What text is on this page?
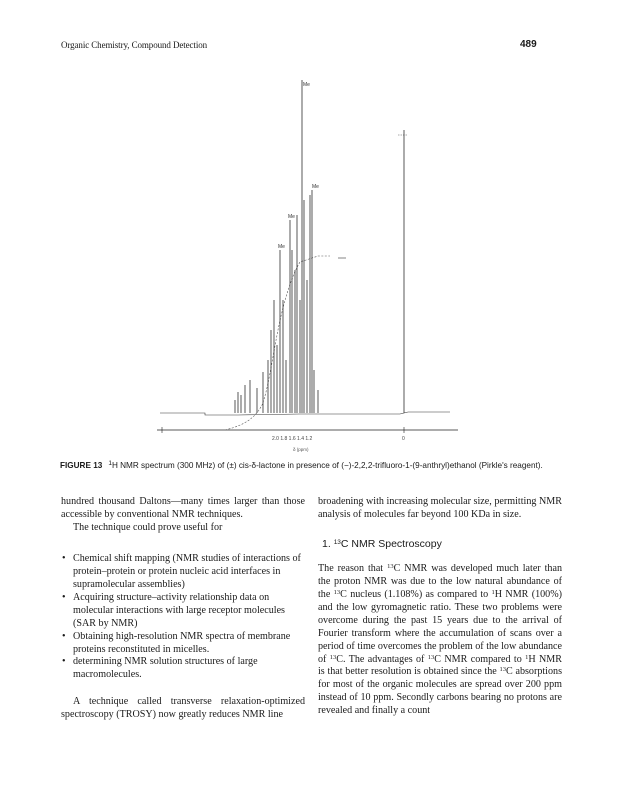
Organic Chemistry, Compound Detection	489
2.0 1.8 1.6 1.4 1.2	0
δ (ppm)
Me
Me
Me
Me
FIGURE 13 $^1$H NMR spectrum (300 MHz) of (±) cis-δ-lactone in presence of (−)-2,2,2-trifluoro-1-(9-anthryl)ethanol (Pirkle's reagent).

hundred thousand Daltons—many times larger than those accessible by conventional NMR techniques.

The technique could prove useful for

• Chemical shift mapping (NMR studies of interactions of protein–protein or protein nucleic acid interfaces in supramolecular assemblies)
• Acquiring structure–activity relationship data on molecular interactions with large receptor molecules (SAR by NMR)
• Obtaining high-resolution NMR spectra of membrane proteins reconstituted in micelles.
• determining NMR solution structures of large macromolecules.

A technique called transverse relaxation-optimized spectroscopy (TROSY) now greatly reduces NMR line

broadening with increasing molecular size, permitting NMR analysis of molecules far beyond 100 KDa in size.

1. $^{13}$C NMR Spectroscopy

The reason that $^{13}$C NMR was developed much later than the proton NMR was due to the low natural abundance of the $^{13}$C nucleus (1.108%) as compared to $^1$H NMR (100%) and the low gyromagnetic ratio. These two problems were overcome during the past 15 years due to the arrival of Fourier transform where the accumulation of scans over a period of time overcomes the problem of the low abundance of $^{13}$C. The advantages of $^{13}$C NMR compared to $^1$H NMR is that better resolution is obtained since the $^{13}$C absorptions for most of the organic molecules are spread over 200 ppm instead of 10 ppm. Secondly carbons bearing no protons are revealed and finally a count
